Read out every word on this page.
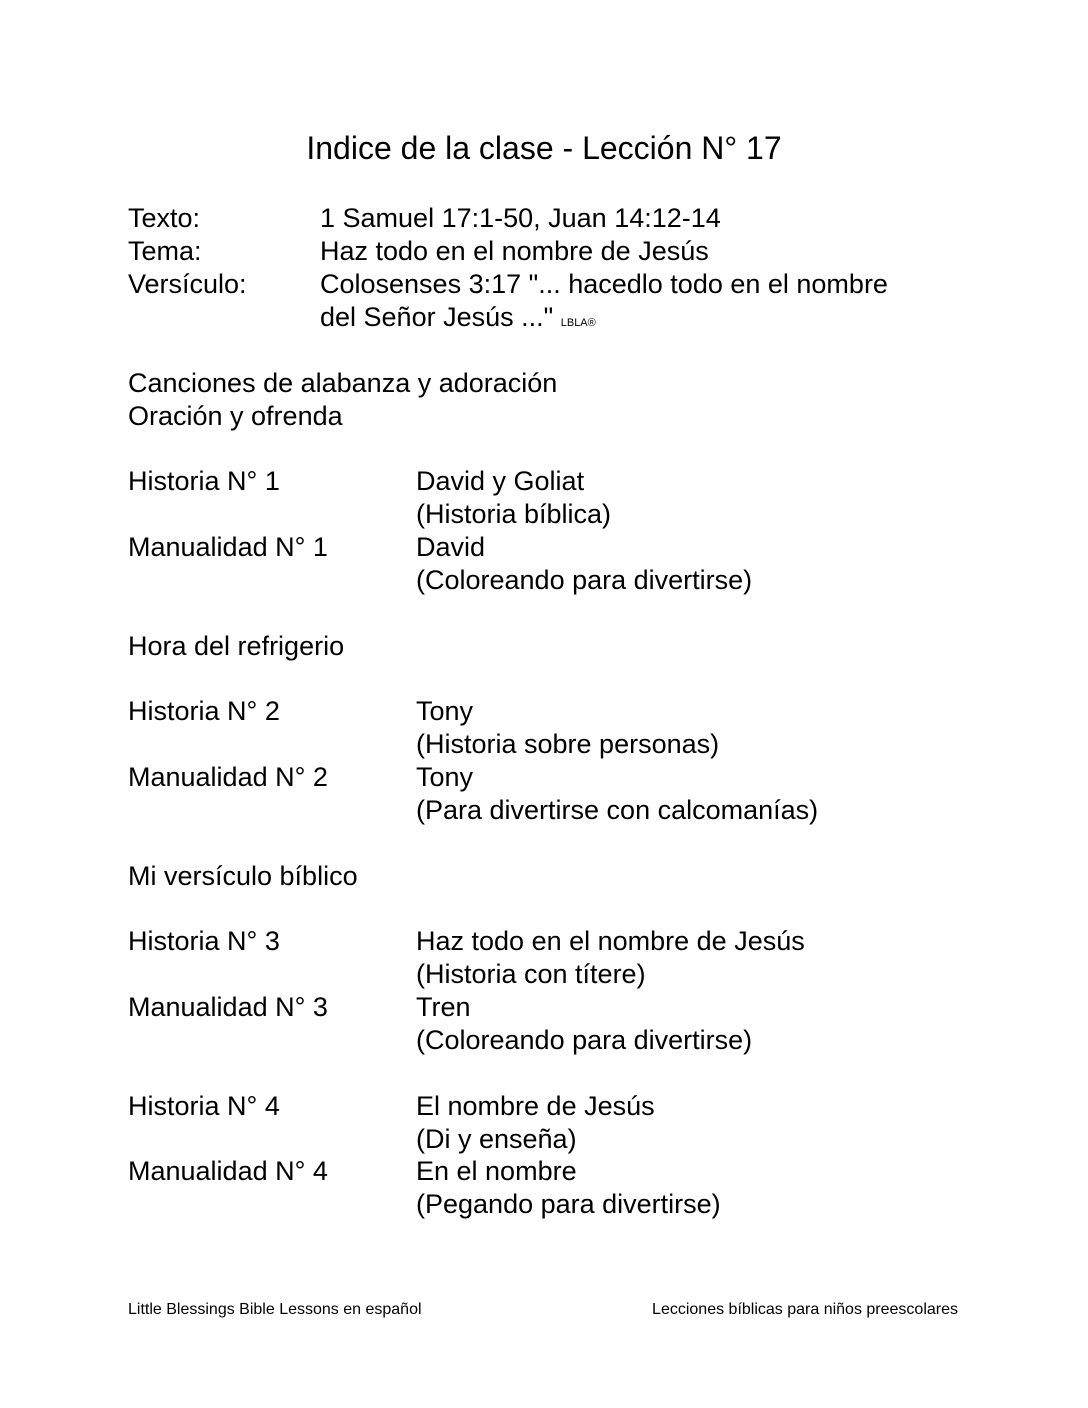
Indice de la clase - Lección N° 17
Texto:	1 Samuel 17:1-50, Juan 14:12-14
Tema:	Haz todo en el nombre de Jesús
Versículo:	Colosenses 3:17 "... hacedlo todo en el nombre
del Señor Jesús ..." LBLA®
Canciones de alabanza y adoración
Oración y ofrenda
Historia N° 1	David y Goliat
(Historia bíblica)
Manualidad N° 1	David
(Coloreando para divertirse)
Hora del refrigerio
Historia N° 2	Tony
(Historia sobre personas)
Manualidad N° 2	Tony
(Para divertirse con calcomanías)
Mi versículo bíblico
Historia N° 3	Haz todo en el nombre de Jesús
(Historia con títere)
Manualidad N° 3	Tren
(Coloreando para divertirse)
Historia N° 4	El nombre de Jesús
(Di y enseña)
Manualidad N° 4	En el nombre
(Pegando para divertirse)
Little Blessings Bible Lessons en español	Lecciones bíblicas para niños preescolares
